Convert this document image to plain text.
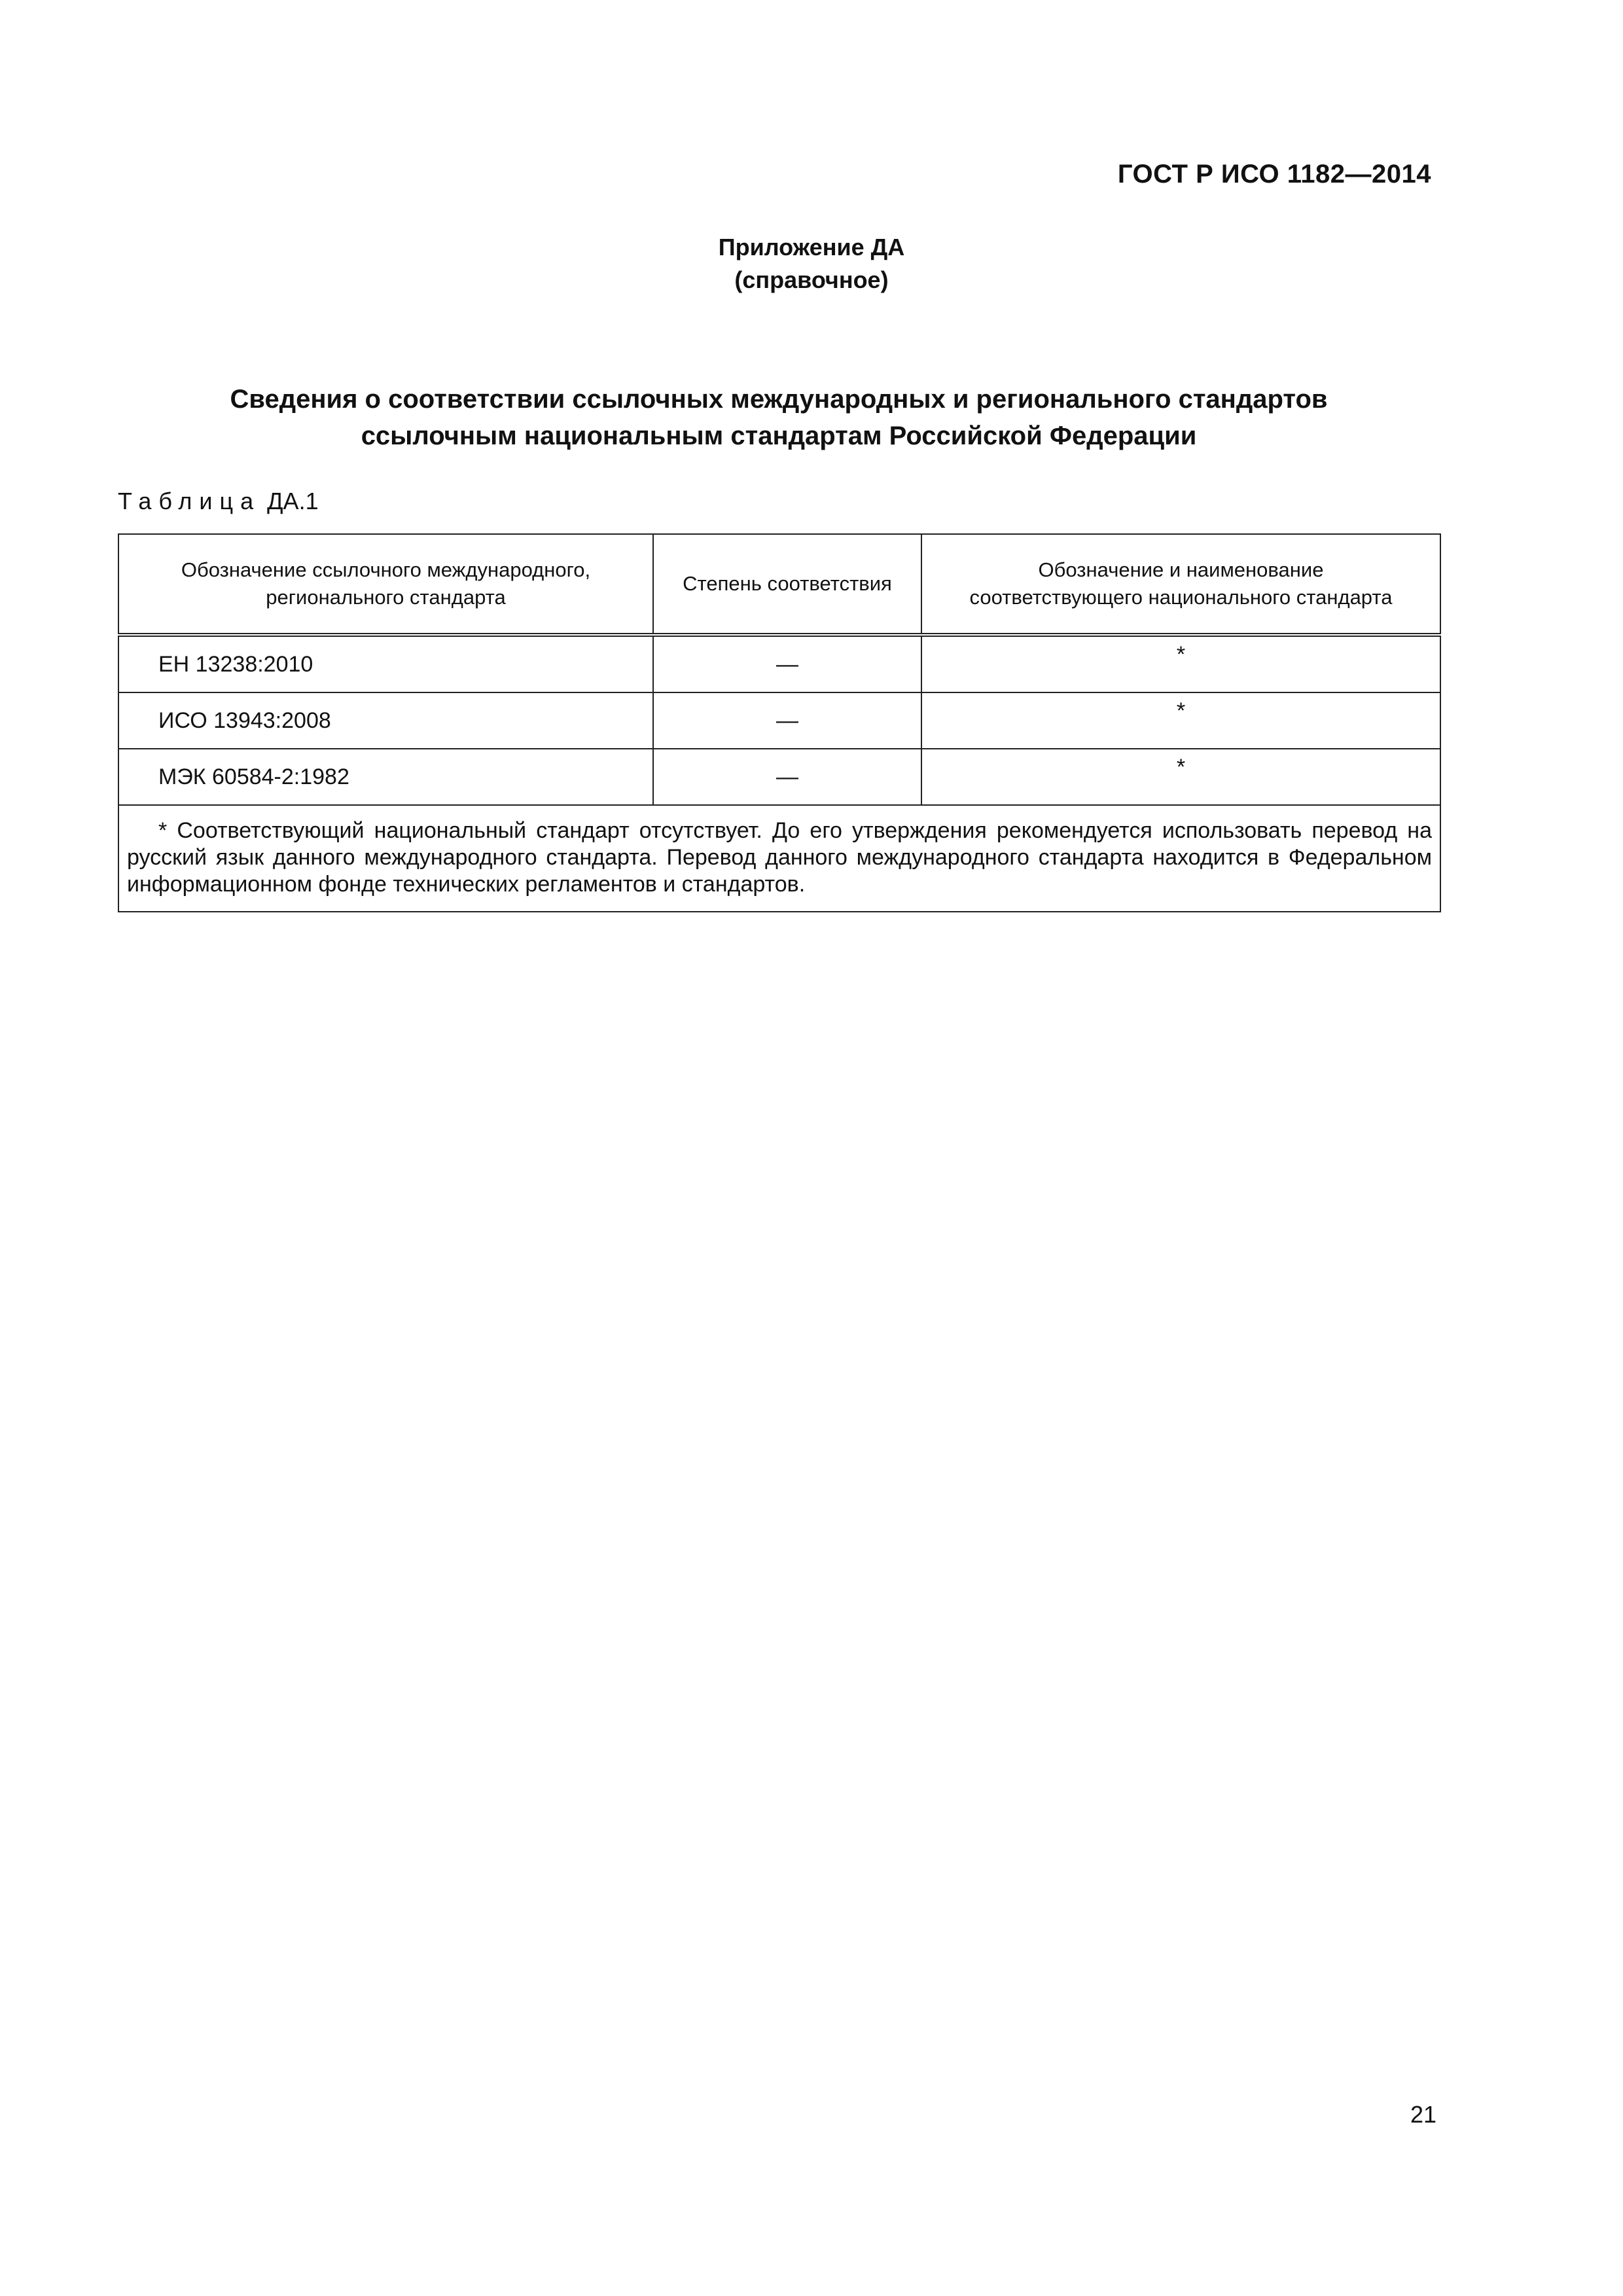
ГОСТ Р ИСО 1182—2014
Приложение ДА
(справочное)
Сведения о соответствии ссылочных международных и регионального стандартов
ссылочным национальным стандартам Российской Федерации
Таблица ДА.1
Обозначение ссылочного международного,
регионального стандарта	Степень соответствия	Обозначение и наименование
соответствующего национального стандарта
ЕН 13238:2010	—	*
ИСО 13943:2008	—	*
МЭК 60584-2:1982	—	*
* Соответствующий национальный стандарт отсутствует. До его утверждения рекомендуется использовать перевод на русский язык данного международного стандарта. Перевод данного международного стандарта находится в Федеральном информационном фонде технических регламентов и стандартов.		
21
